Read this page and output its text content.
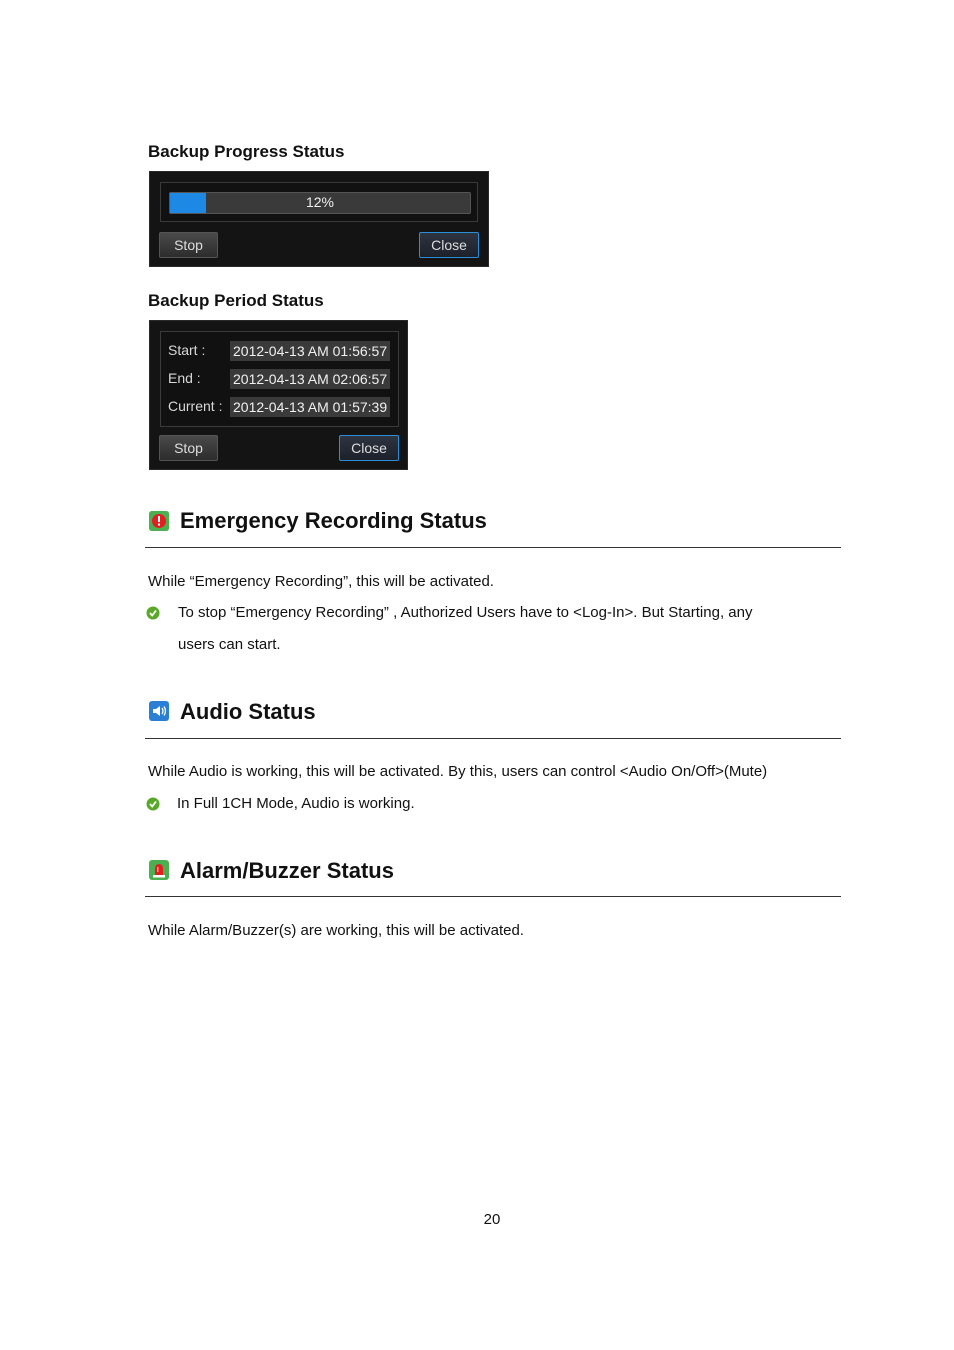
Backup Progress Status
12%
Stop	Close
Backup Period Status
Start : 2012-04-13 AM 01:56:57
End : 2012-04-13 AM 02:06:57
Current : 2012-04-13 AM 01:57:39
Stop	Close
Emergency Recording Status
While “Emergency Recording”, this will be activated.
To stop “Emergency Recording” , Authorized Users have to <Log-In>. But Starting, any
users can start.
Audio Status
While Audio is working, this will be activated. By this, users can control <Audio On/Off>(Mute)
In Full 1CH Mode, Audio is working.
Alarm/Buzzer Status
While Alarm/Buzzer(s) are working, this will be activated.
20
